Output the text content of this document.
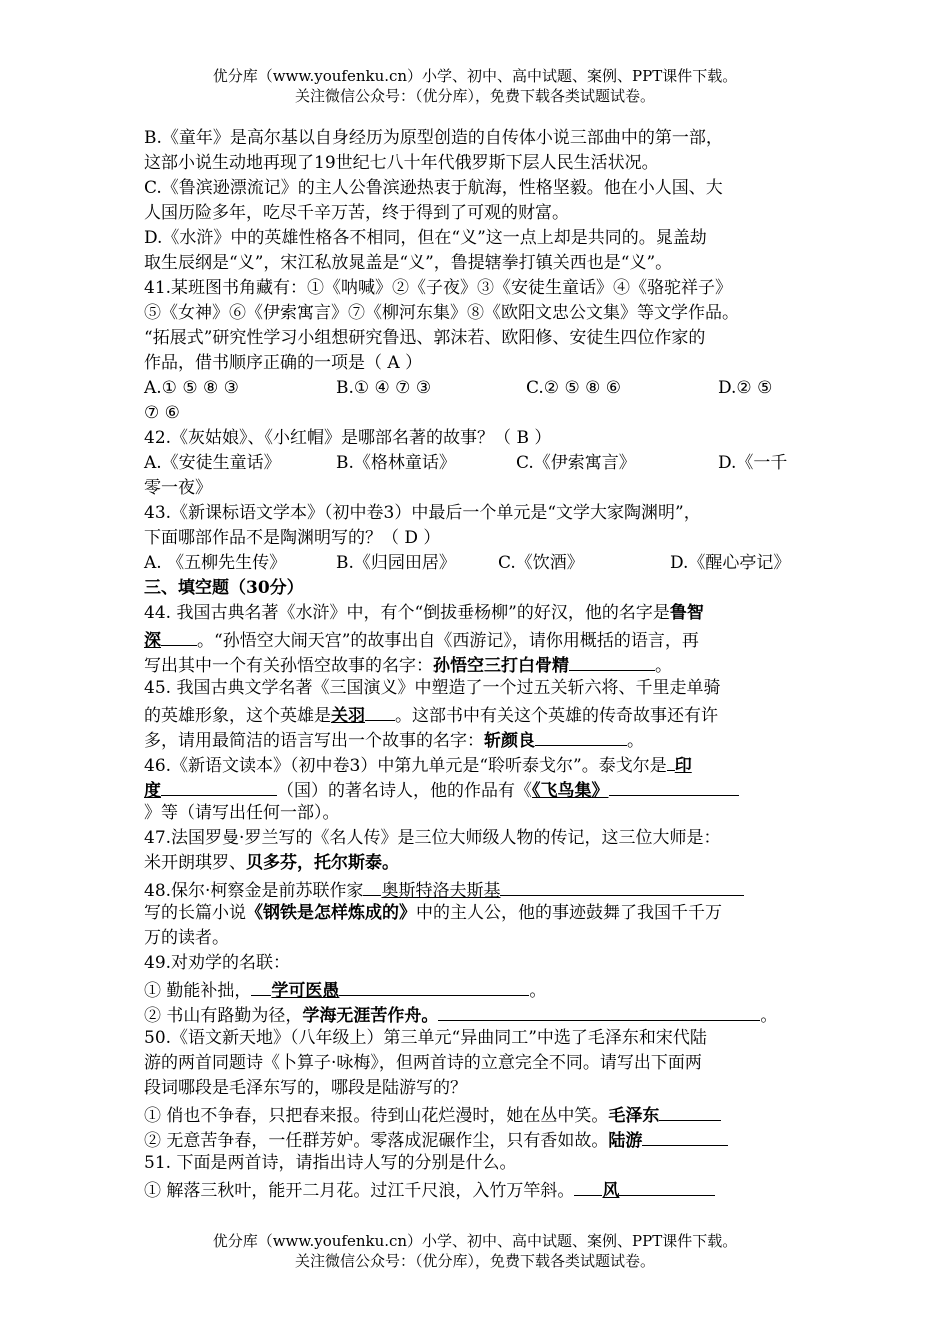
优分库（www.youfenku.cn）小学、初中、高中试题、案例、PPT课件下载。
关注微信公众号：（优分库），免费下载各类试题试卷。
B.《童年》是高尔基以自身经历为原型创造的自传体小说三部曲中的第一部，
这部小说生动地再现了19世纪七八十年代俄罗斯下层人民生活状况。
C.《鲁滨逊漂流记》的主人公鲁滨逊热衷于航海，性格坚毅。他在小人国、大
人国历险多年，吃尽千辛万苦，终于得到了可观的财富。
D.《水浒》中的英雄性格各不相同，但在“义”这一点上却是共同的。晁盖劫
取生辰纲是“义”，宋江私放晁盖是“义”，鲁提辖拳打镇关西也是“义”。
41.某班图书角藏有：①《呐喊》②《子夜》③《安徒生童话》④《骆驼祥子》
⑤《女神》⑥《伊索寓言》⑦《柳河东集》⑧《欧阳文忠公文集》等文学作品。
“拓展式”研究性学习小组想研究鲁迅、郭沫若、欧阳修、安徒生四位作家的
作品，借书顺序正确的一项是（ A ）
A.① ⑤ ⑧ ③	B.① ④ ⑦ ③	C.② ⑤ ⑧ ⑥	D.② ⑤
⑦ ⑥
42.《灰姑娘》、《小红帽》是哪部名著的故事？（ B ）
A.《安徒生童话》	B.《格林童话》	C.《伊索寓言》	D.《一千
零一夜》
43.《新课标语文学本》（初中卷3）中最后一个单元是“文学大家陶渊明”，
下面哪部作品不是陶渊明写的？（ D ）
A. 《五柳先生传》	B.《归园田居》	C.《饮酒》	D.《醒心亭记》
三、填空题（30分）
44. 我国古典名著《水浒》中，有个“倒拔垂杨柳”的好汉，他的名字是鲁智
深 。“孙悟空大闹天宫”的故事出自《西游记》，请你用概括的语言，再
写出其中一个有关孙悟空故事的名字：孙悟空三打白骨精	。
45. 我国古典文学名著《三国演义》中塑造了一个过五关斩六将、千里走单骑
的英雄形象，这个英雄是关羽 。这部书中有关这个英雄的传奇故事还有许
多，请用最简洁的语言写出一个故事的名字：斩颜良	。
46.《新语文读本》（初中卷3）中第九单元是“聆听泰戈尔”。泰戈尔是 印
度	（国）的著名诗人，他的作品有《《飞鸟集》
》等（请写出任何一部）。
47.法国罗曼·罗兰写的《名人传》是三位大师级人物的传记，这三位大师是：
米开朗琪罗、贝多芬，托尔斯泰。
48.保尔·柯察金是前苏联作家 奥斯特洛夫斯基
写的长篇小说《钢铁是怎样炼成的》中的主人公，他的事迹鼓舞了我国千千万
万的读者。
49.对劝学的名联：
① 勤能补拙， 学可医愚	。
② 书山有路勤为径，学海无涯苦作舟。	。
50.《语文新天地》（八年级上）第三单元“异曲同工”中选了毛泽东和宋代陆
游的两首同题诗《卜算子·咏梅》，但两首诗的立意完全不同。请写出下面两
段词哪段是毛泽东写的，哪段是陆游写的？
① 俏也不争春，只把春来报。待到山花烂漫时，她在丛中笑。毛泽东
② 无意苦争春，一任群芳妒。零落成泥碾作尘，只有香如故。陆游
51. 下面是两首诗，请指出诗人写的分别是什么。
① 解落三秋叶，能开二月花。过江千尺浪，入竹万竿斜。 风
优分库（www.youfenku.cn）小学、初中、高中试题、案例、PPT课件下载。
关注微信公众号：（优分库），免费下载各类试题试卷。
